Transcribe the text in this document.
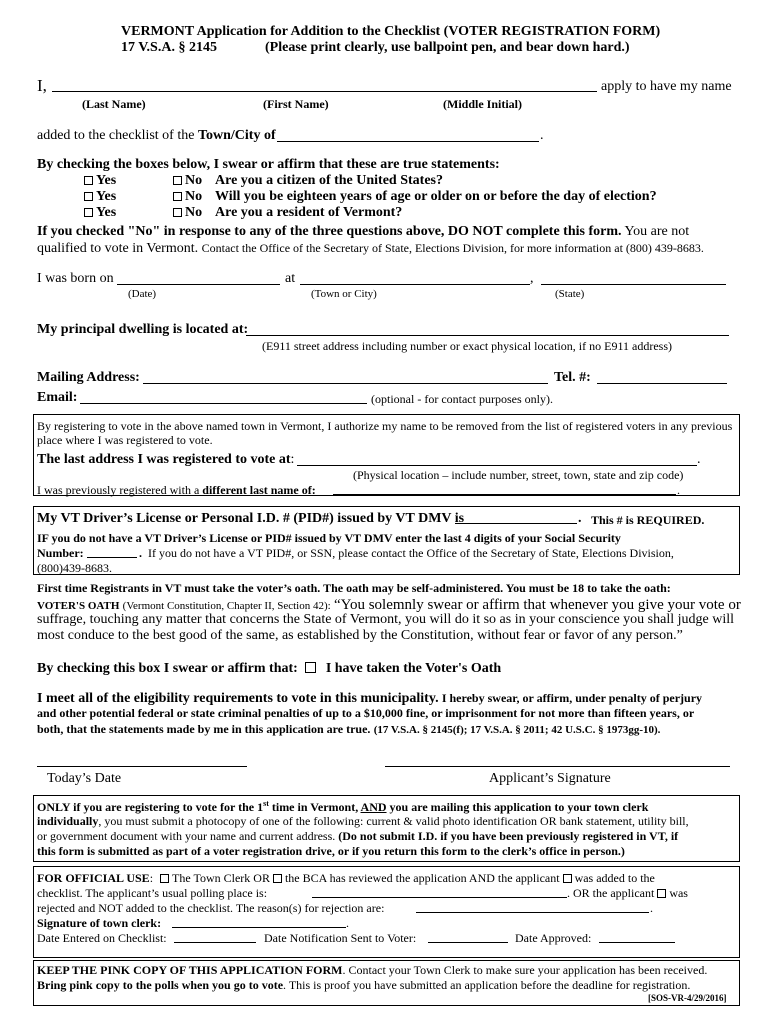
VERMONT Application for Addition to the Checklist (VOTER REGISTRATION FORM)
17 V.S.A. § 2145	(Please print clearly, use ballpoint pen, and bear down hard.)
I,	apply to have my name
(Last Name)	(First Name)	(Middle Initial)
added to the checklist of the Town/City of	.
By checking the boxes below, I swear or affirm that these are true statements:
Yes	No Are you a citizen of the United States?
Yes	No Will you be eighteen years of age or older on or before the day of election?
Yes	No Are you a resident of Vermont?
If you checked "No" in response to any of the three questions above, DO NOT complete this form. You are not
qualified to vote in Vermont. Contact the Office of the Secretary of State, Elections Division, for more information at (800) 439-8683.
I was born on	at	,
(Date)	(Town or City)	(State)
My principal dwelling is located at:
(E911 street address including number or exact physical location, if no E911 address)
Mailing Address:	Tel. #:
Email:	(optional - for contact purposes only).
By registering to vote in the above named town in Vermont, I authorize my name to be removed from the list of registered voters in any previous place where I was registered to vote.
The last address I was registered to vote at:	.
(Physical location – include number, street, town, state and zip code)
I was previously registered with a different last name of:	.
My VT Driver’s License or Personal I.D. # (PID#) issued by VT DMV is	. This # is REQUIRED.
IF you do not have a VT Driver’s License or PID# issued by VT DMV enter the last 4 digits of your Social Security
Number:	. If you do not have a VT PID#, or SSN, please contact the Office of the Secretary of State, Elections Division,
(800)439-8683.
First time Registrants in VT must take the voter’s oath. The oath may be self-administered. You must be 18 to take the oath:
VOTER'S OATH (Vermont Constitution, Chapter II, Section 42): “You solemnly swear or affirm that whenever you give your vote or
suffrage, touching any matter that concerns the State of Vermont, you will do it so as in your conscience you shall judge will
most conduce to the best good of the same, as established by the Constitution, without fear or favor of any person.”
By checking this box I swear or affirm that: I have taken the Voter's Oath
I meet all of the eligibility requirements to vote in this municipality. I hereby swear, or affirm, under penalty of perjury
and other potential federal or state criminal penalties of up to a $10,000 fine, or imprisonment for not more than fifteen years, or
both, that the statements made by me in this application are true. (17 V.S.A. § 2145(f); 17 V.S.A. § 2011; 42 U.S.C. § 1973gg-10).
Today’s Date	Applicant’s Signature
ONLY if you are registering to vote for the 1st time in Vermont, AND you are mailing this application to your town clerk
individually, you must submit a photocopy of one of the following: current & valid photo identification OR bank statement, utility bill,
or government document with your name and current address. (Do not submit I.D. if you have been previously registered in VT, if
this form is submitted as part of a voter registration drive, or if you return this form to the clerk’s office in person.)
FOR OFFICIAL USE: The Town Clerk OR the BCA has reviewed the application AND the applicant was added to the
checklist. The applicant’s usual polling place is:	. OR the applicant was
rejected and NOT added to the checklist. The reason(s) for rejection are:	.
Signature of town clerk:	.
Date Entered on Checklist:	Date Notification Sent to Voter:	Date Approved:
KEEP THE PINK COPY OF THIS APPLICATION FORM. Contact your Town Clerk to make sure your application has been received.
Bring pink copy to the polls when you go to vote. This is proof you have submitted an application before the deadline for registration.
[SOS-VR-4/29/2016]
